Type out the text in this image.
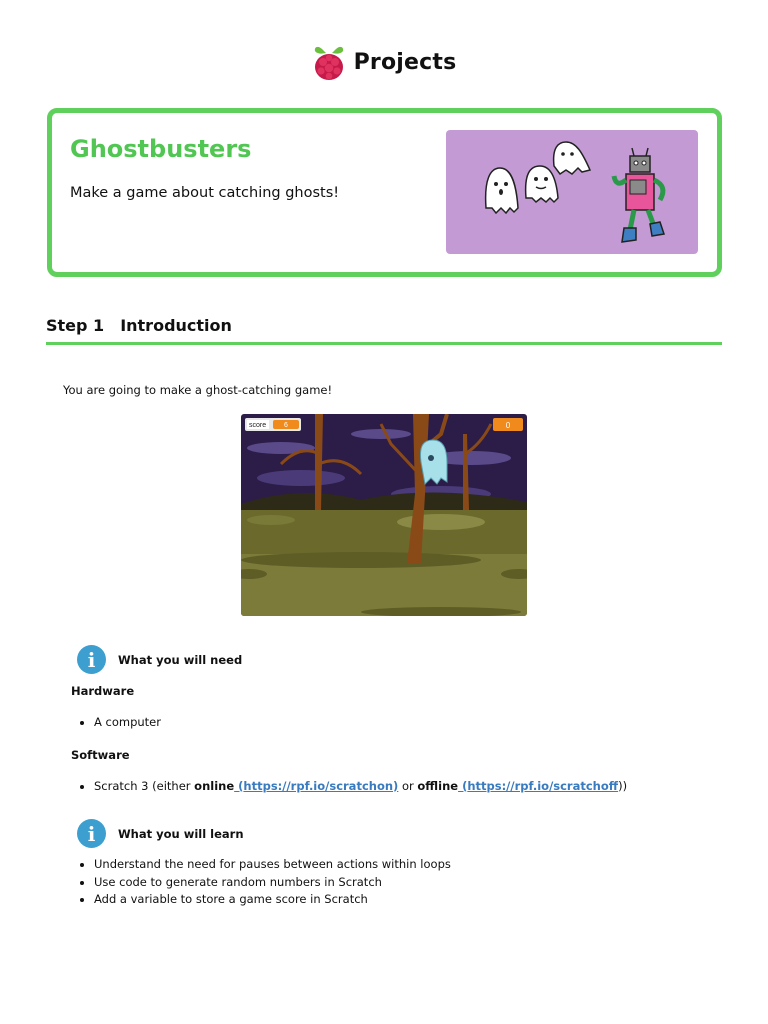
Projects
Ghostbusters
Make a game about catching ghosts!
Step 1 Introduction
You are going to make a ghost-catching game!
score	6	0
i	What you will need
Hardware
A computer
Software
Scratch 3 (either online (https://rpf.io/scratchon) or offline (https://rpf.io/scratchoff))
i	What you will learn
Understand the need for pauses between actions within loops
Use code to generate random numbers in Scratch
Add a variable to store a game score in Scratch
